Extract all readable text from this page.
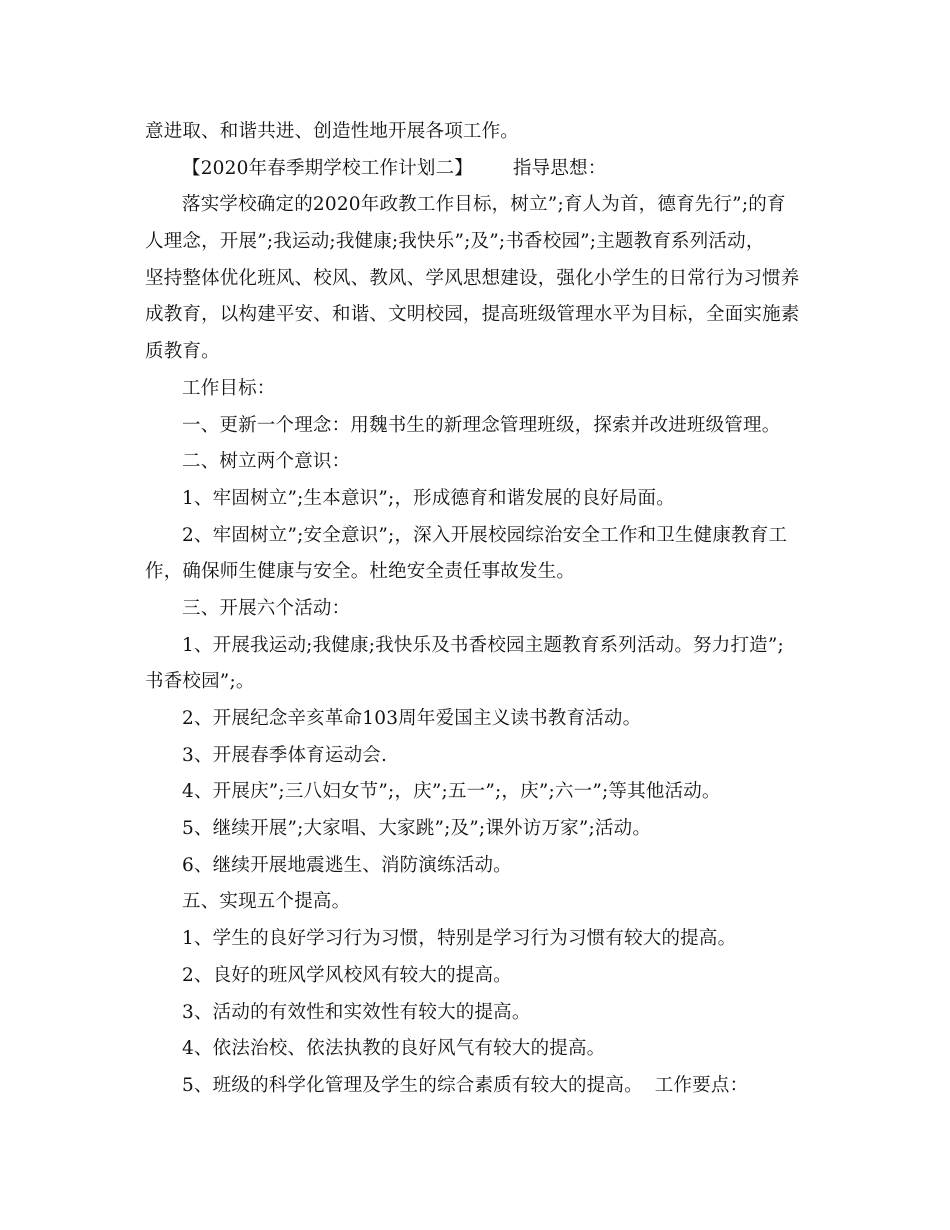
意进取、和谐共进、创造性地开展各项工作。
【2020年春季期学校工作计划二】 指导思想：
落实学校确定的2020年政教工作目标，树立”;育人为首，德育先行”;的育
人理念，开展”;我运动;我健康;我快乐”;及”;书香校园”;主题教育系列活动，
坚持整体优化班风、校风、教风、学风思想建设，强化小学生的日常行为习惯养
成教育，以构建平安、和谐、文明校园，提高班级管理水平为目标，全面实施素
质教育。
工作目标：
一、更新一个理念：用魏书生的新理念管理班级，探索并改进班级管理。
二、树立两个意识：
1、牢固树立”;生本意识”;，形成德育和谐发展的良好局面。
2、牢固树立”;安全意识”;，深入开展校园综治安全工作和卫生健康教育工
作，确保师生健康与安全。杜绝安全责任事故发生。
三、开展六个活动：
1、开展我运动;我健康;我快乐及书香校园主题教育系列活动。努力打造”;
书香校园”;。
2、开展纪念辛亥革命103周年爱国主义读书教育活动。
3、开展春季体育运动会.
4、开展庆”;三八妇女节”;，庆”;五一”;，庆”;六一”;等其他活动。
5、继续开展”;大家唱、大家跳”;及”;课外访万家”;活动。
6、继续开展地震逃生、消防演练活动。
五、实现五个提高。
1、学生的良好学习行为习惯，特别是学习行为习惯有较大的提高。
2、良好的班风学风校风有较大的提高。
3、活动的有效性和实效性有较大的提高。
4、依法治校、依法执教的良好风气有较大的提高。
5、班级的科学化管理及学生的综合素质有较大的提高。 工作要点：
